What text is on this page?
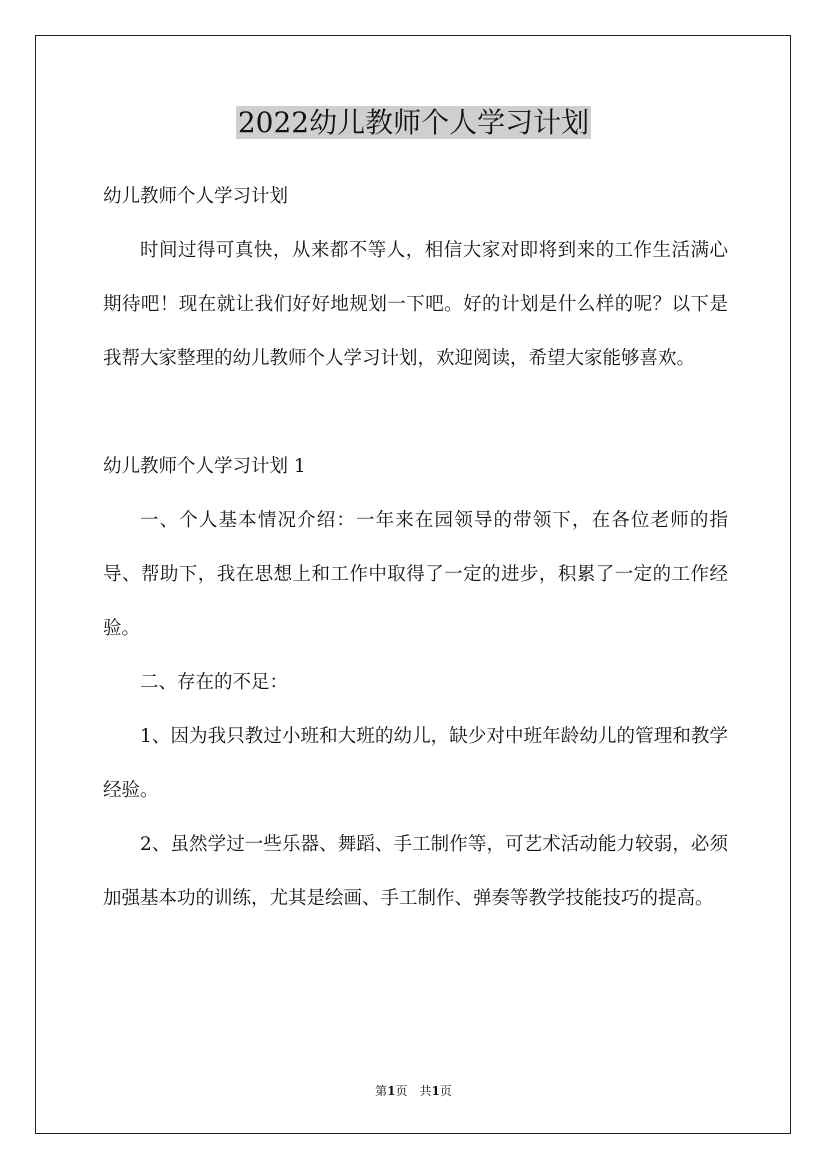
2022幼儿教师个人学习计划

幼儿教师个人学习计划

时间过得可真快，从来都不等人，相信大家对即将到来的工作生活满心期待吧！现在就让我们好好地规划一下吧。好的计划是什么样的呢？以下是我帮大家整理的幼儿教师个人学习计划，欢迎阅读，希望大家能够喜欢。

幼儿教师个人学习计划 1

一、个人基本情况介绍：一年来在园领导的带领下，在各位老师的指导、帮助下，我在思想上和工作中取得了一定的进步，积累了一定的工作经验。

二、存在的不足：

1、因为我只教过小班和大班的幼儿，缺少对中班年龄幼儿的管理和教学经验。

2、虽然学过一些乐器、舞蹈、手工制作等，可艺术活动能力较弱，必须加强基本功的训练，尤其是绘画、手工制作、弹奏等教学技能技巧的提高。

第1页 共1页
